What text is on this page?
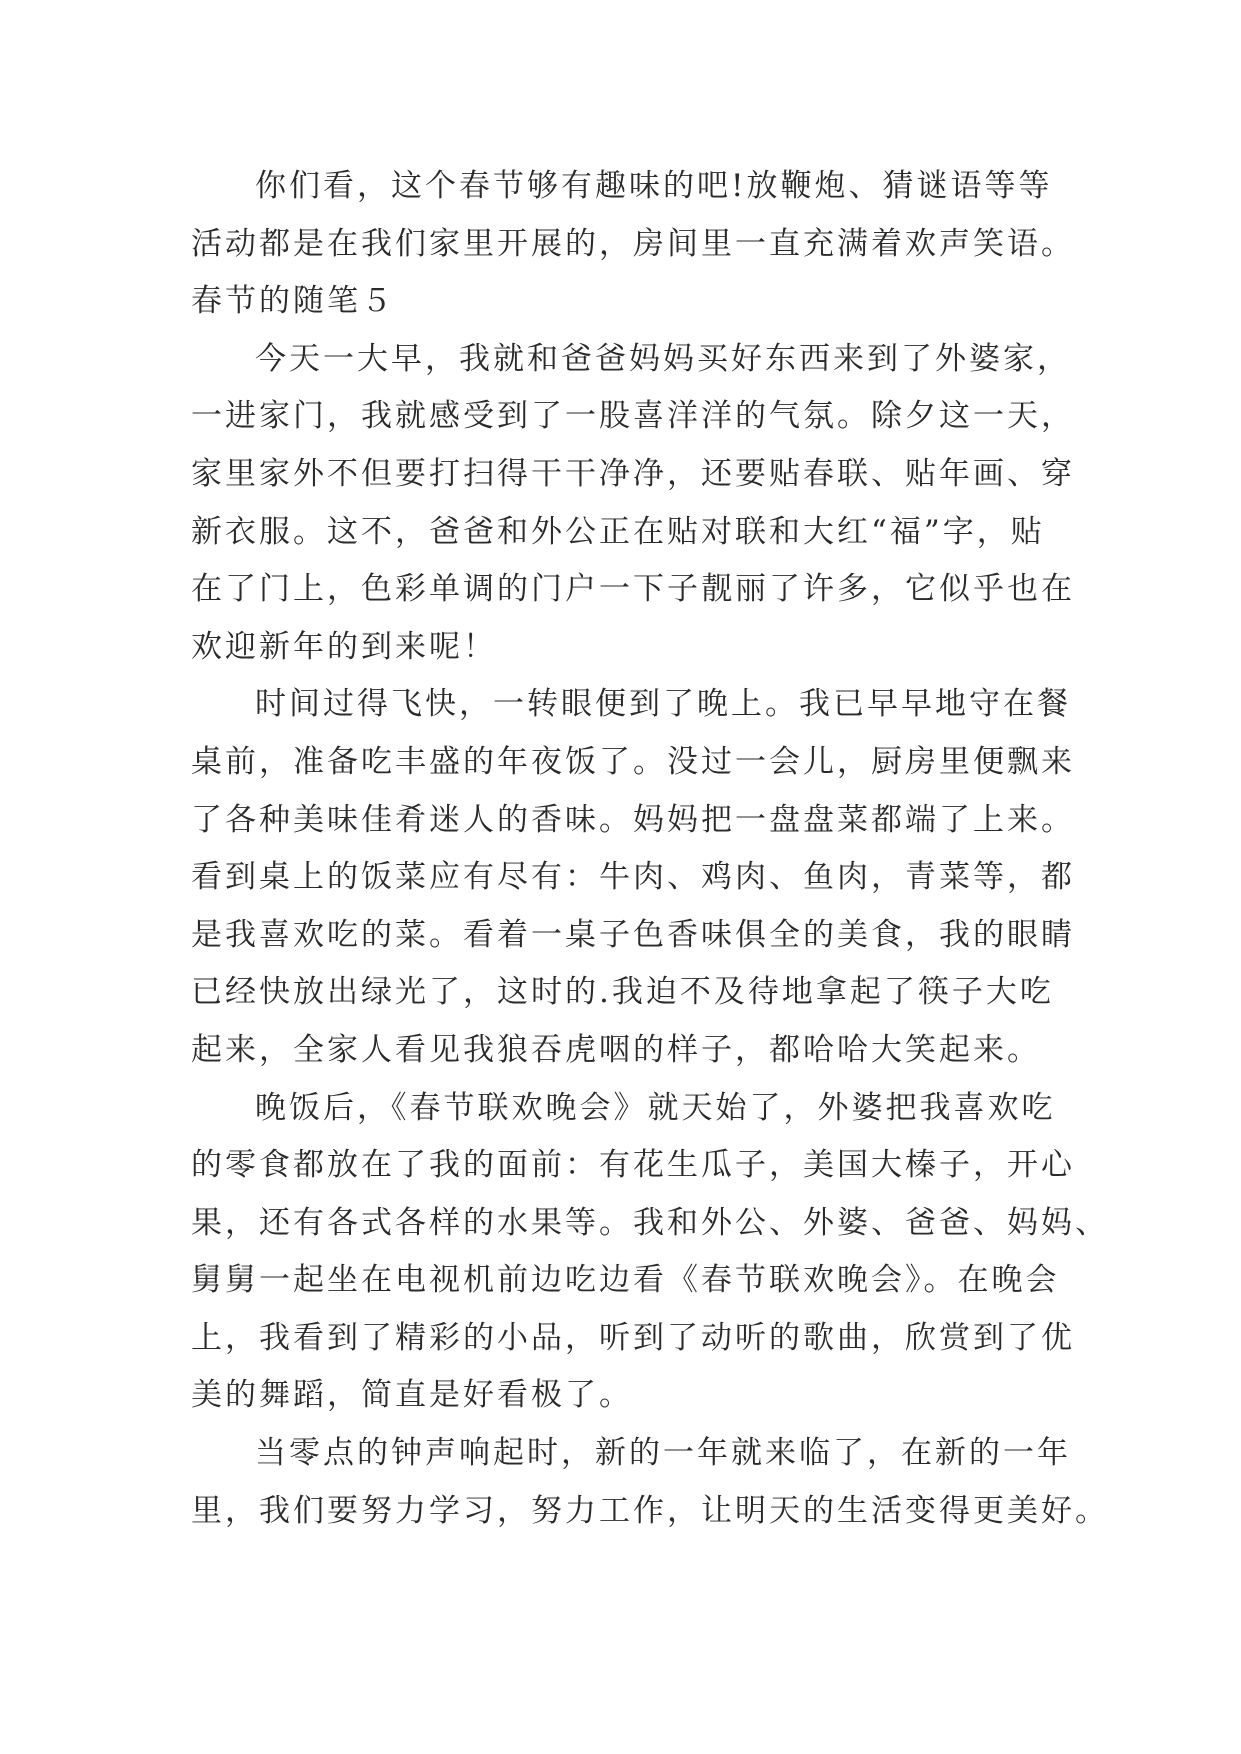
你们看，这个春节够有趣味的吧!放鞭炮、猜谜语等等
活动都是在我们家里开展的，房间里一直充满着欢声笑语。
春节的随笔５
今天一大早，我就和爸爸妈妈买好东西来到了外婆家，
一进家门，我就感受到了一股喜洋洋的气氛。除夕这一天，
家里家外不但要打扫得干干净净，还要贴春联、贴年画、穿
新衣服。这不，爸爸和外公正在贴对联和大红“福”字，贴
在了门上，色彩单调的门户一下子靓丽了许多，它似乎也在
欢迎新年的到来呢！
时间过得飞快，一转眼便到了晚上。我已早早地守在餐
桌前，准备吃丰盛的年夜饭了。没过一会儿，厨房里便飘来
了各种美味佳肴迷人的香味。妈妈把一盘盘菜都端了上来。
看到桌上的饭菜应有尽有：牛肉、鸡肉、鱼肉，青菜等，都
是我喜欢吃的菜。看着一桌子色香味俱全的美食，我的眼睛
已经快放出绿光了，这时的.我迫不及待地拿起了筷子大吃
起来，全家人看见我狼吞虎咽的样子，都哈哈大笑起来。
晚饭后，《春节联欢晚会》就天始了，外婆把我喜欢吃
的零食都放在了我的面前：有花生瓜子，美国大榛子，开心
果，还有各式各样的水果等。我和外公、外婆、爸爸、妈妈、
舅舅一起坐在电视机前边吃边看《春节联欢晚会》。在晚会
上，我看到了精彩的小品，听到了动听的歌曲，欣赏到了优
美的舞蹈，简直是好看极了。
当零点的钟声响起时，新的一年就来临了，在新的一年
里，我们要努力学习，努力工作，让明天的生活变得更美好。
